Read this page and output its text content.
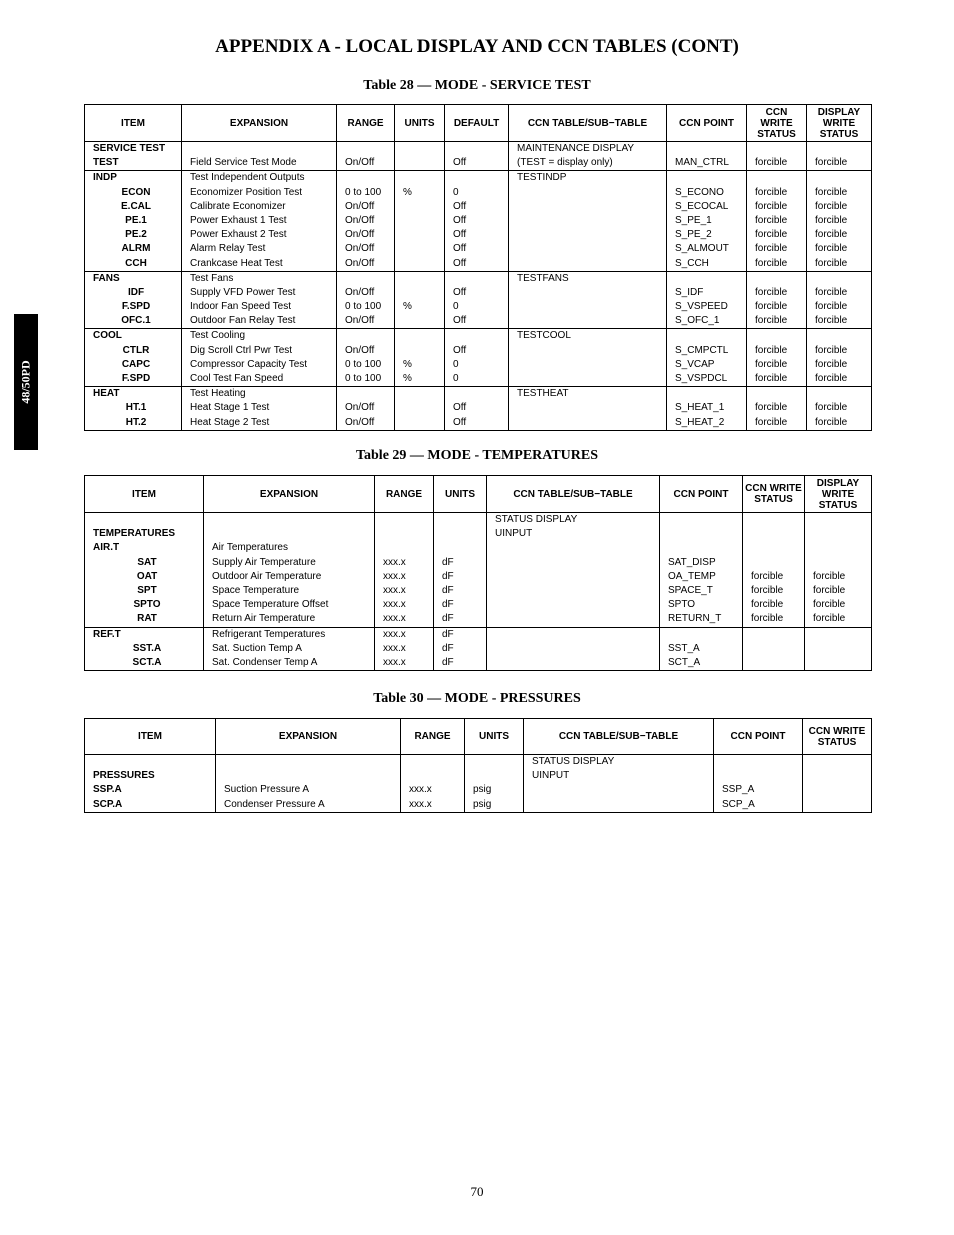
APPENDIX A - LOCAL DISPLAY AND CCN TABLES (CONT)
48/50PD
Table 28 — MODE - SERVICE TEST
ITEM	EXPANSION	RANGE	UNITS	DEFAULT	CCN TABLE/SUB−TABLE	CCN POINT	CCN WRITE STATUS	DISPLAY WRITE STATUS
SERVICE TEST					MAINTENANCE DISPLAY			
TEST	Field Service Test Mode	On/Off		Off	(TEST = display only)	MAN_CTRL	forcible	forcible
INDP	Test Independent Outputs				TESTINDP			
ECON	Economizer Position Test	0 to 100	%	0		S_ECONO	forcible	forcible
E.CAL	Calibrate Economizer	On/Off		Off		S_ECOCAL	forcible	forcible
PE.1	Power Exhaust 1 Test	On/Off		Off		S_PE_1	forcible	forcible
PE.2	Power Exhaust 2 Test	On/Off		Off		S_PE_2	forcible	forcible
ALRM	Alarm Relay Test	On/Off		Off		S_ALMOUT	forcible	forcible
CCH	Crankcase Heat Test	On/Off		Off		S_CCH	forcible	forcible
FANS	Test Fans				TESTFANS			
IDF	Supply VFD Power Test	On/Off		Off		S_IDF	forcible	forcible
F.SPD	Indoor Fan Speed Test	0 to 100	%	0		S_VSPEED	forcible	forcible
OFC.1	Outdoor Fan Relay Test	On/Off		Off		S_OFC_1	forcible	forcible
COOL	Test Cooling				TESTCOOL			
CTLR	Dig Scroll Ctrl Pwr Test	On/Off		Off		S_CMPCTL	forcible	forcible
CAPC	Compressor Capacity Test	0 to 100	%	0		S_VCAP	forcible	forcible
F.SPD	Cool Test Fan Speed	0 to 100	%	0		S_VSPDCL	forcible	forcible
HEAT	Test Heating				TESTHEAT			
HT.1	Heat Stage 1 Test	On/Off		Off		S_HEAT_1	forcible	forcible
HT.2	Heat Stage 2 Test	On/Off		Off		S_HEAT_2	forcible	forcible
Table 29 — MODE - TEMPERATURES
ITEM	EXPANSION	RANGE	UNITS	CCN TABLE/SUB−TABLE	CCN POINT	CCN WRITE STATUS	DISPLAY WRITE STATUS
				STATUS DISPLAY			
TEMPERATURES				UINPUT			
AIR.T	Air Temperatures						
SAT	Supply Air Temperature	xxx.x	dF		SAT_DISP		
OAT	Outdoor Air Temperature	xxx.x	dF		OA_TEMP	forcible	forcible
SPT	Space Temperature	xxx.x	dF		SPACE_T	forcible	forcible
SPTO	Space Temperature Offset	xxx.x	dF		SPTO	forcible	forcible
RAT	Return Air Temperature	xxx.x	dF		RETURN_T	forcible	forcible
REF.T	Refrigerant Temperatures	xxx.x	dF				
SST.A	Sat. Suction Temp A	xxx.x	dF		SST_A		
SCT.A	Sat. Condenser Temp A	xxx.x	dF		SCT_A		
Table 30 — MODE - PRESSURES
ITEM	EXPANSION	RANGE	UNITS	CCN TABLE/SUB−TABLE	CCN POINT	CCN WRITE STATUS
				STATUS DISPLAY		
PRESSURES				UINPUT		
SSP.A	Suction Pressure A	xxx.x	psig		SSP_A	
SCP.A	Condenser Pressure A	xxx.x	psig		SCP_A	
70
